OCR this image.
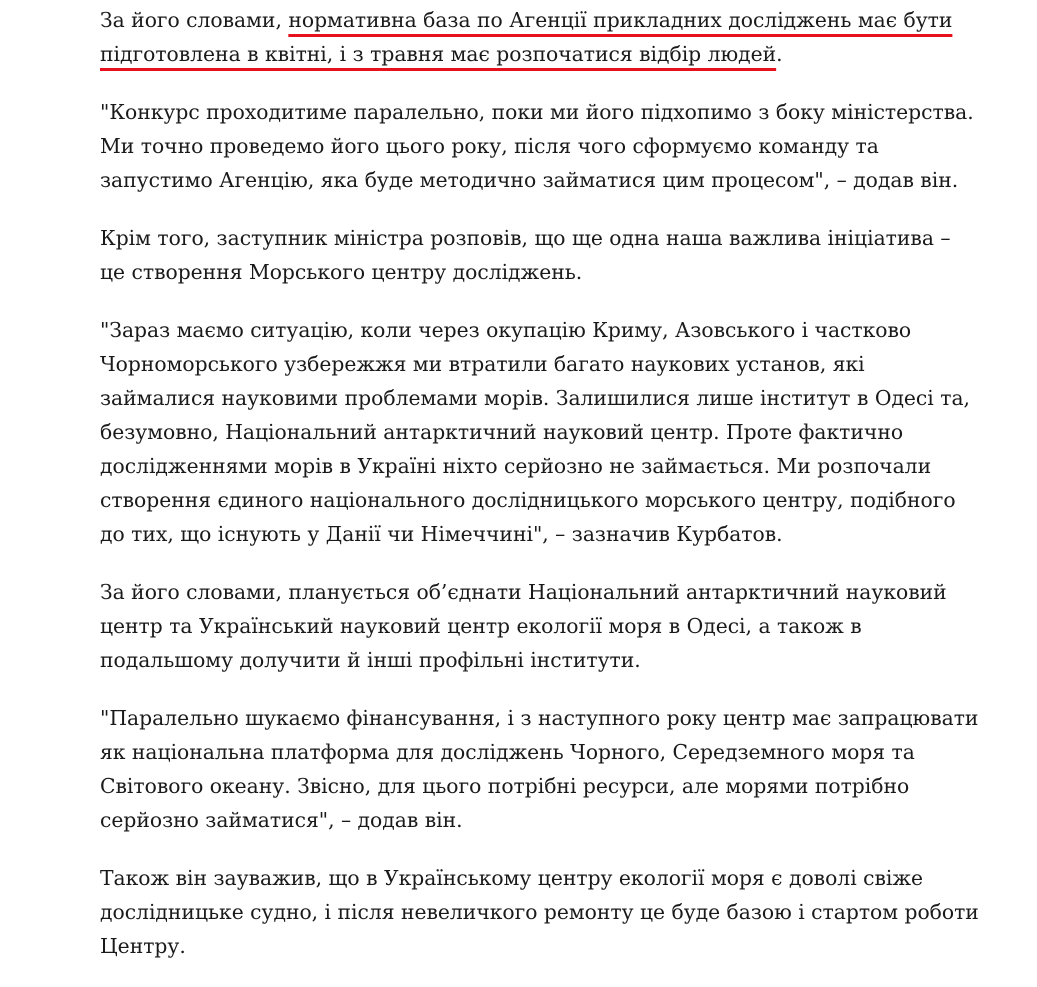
За його словами, нормативна база по Агенції прикладних досліджень має бути підготовлена в квітні, і з травня має розпочатися відбір людей.

"Конкурс проходитиме паралельно, поки ми його підхопимо з боку міністерства. Ми точно проведемо його цього року, після чого сформуємо команду та запустимо Агенцію, яка буде методично займатися цим процесом", – додав він.

Крім того, заступник міністра розповів, що ще одна наша важлива ініціатива – це створення Морського центру досліджень.

"Зараз маємо ситуацію, коли через окупацію Криму, Азовського і частково Чорноморського узбережжя ми втратили багато наукових установ, які займалися науковими проблемами морів. Залишилися лише інститут в Одесі та, безумовно, Національний антарктичний науковий центр. Проте фактично дослідженнями морів в Україні ніхто серйозно не займається. Ми розпочали створення єдиного національного дослідницького морського центру, подібного до тих, що існують у Данії чи Німеччині", – зазначив Курбатов.

За його словами, планується об’єднати Національний антарктичний науковий центр та Український науковий центр екології моря в Одесі, а також в подальшому долучити й інші профільні інститути.

"Паралельно шукаємо фінансування, і з наступного року центр має запрацювати як національна платформа для досліджень Чорного, Середземного моря та Світового океану. Звісно, для цього потрібні ресурси, але морями потрібно серйозно займатися", – додав він.

Також він зауважив, що в Українському центру екології моря є доволі свіже дослідницьке судно, і після невеличкого ремонту це буде базою і стартом роботи Центру.
